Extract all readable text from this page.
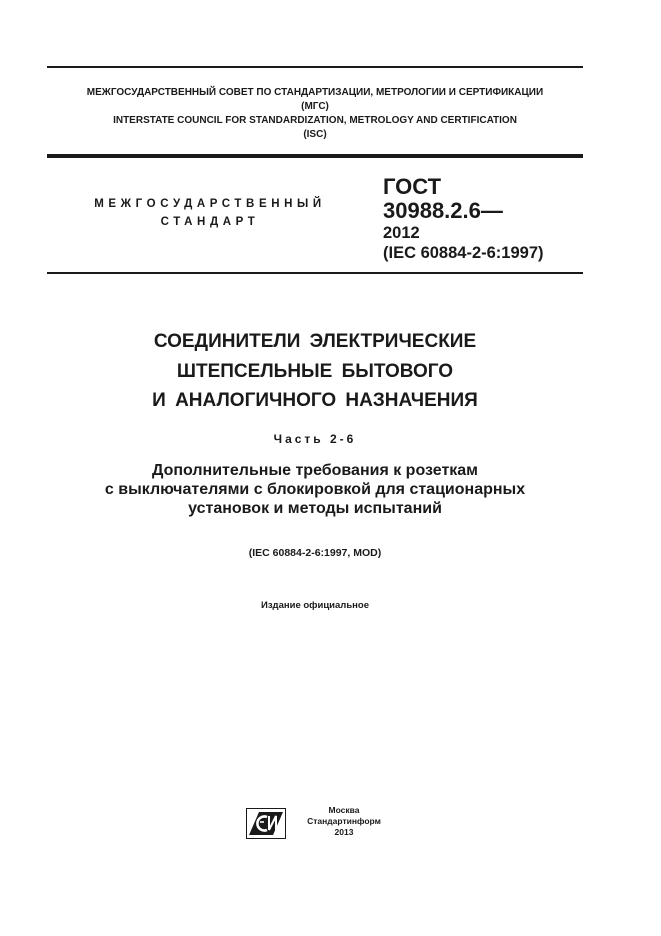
МЕЖГОСУДАРСТВЕННЫЙ СОВЕТ ПО СТАНДАРТИЗАЦИИ, МЕТРОЛОГИИ И СЕРТИФИКАЦИИ
(МГС)
INTERSTATE COUNCIL FOR STANDARDIZATION, METROLOGY AND CERTIFICATION
(ISC)
МЕЖГОСУДАРСТВЕННЫЙ
СТАНДАРТ
ГОСТ
30988.2.6—
2012
(IEC 60884-2-6:1997)
СОЕДИНИТЕЛИ ЭЛЕКТРИЧЕСКИЕ
ШТЕПСЕЛЬНЫЕ БЫТОВОГО
И АНАЛОГИЧНОГО НАЗНАЧЕНИЯ
Часть 2-6
Дополнительные требования к розеткам
с выключателями с блокировкой для стационарных
установок и методы испытаний
(IEC 60884-2-6:1997, MOD)
Издание официальное
Москва
Стандартинформ
2013
